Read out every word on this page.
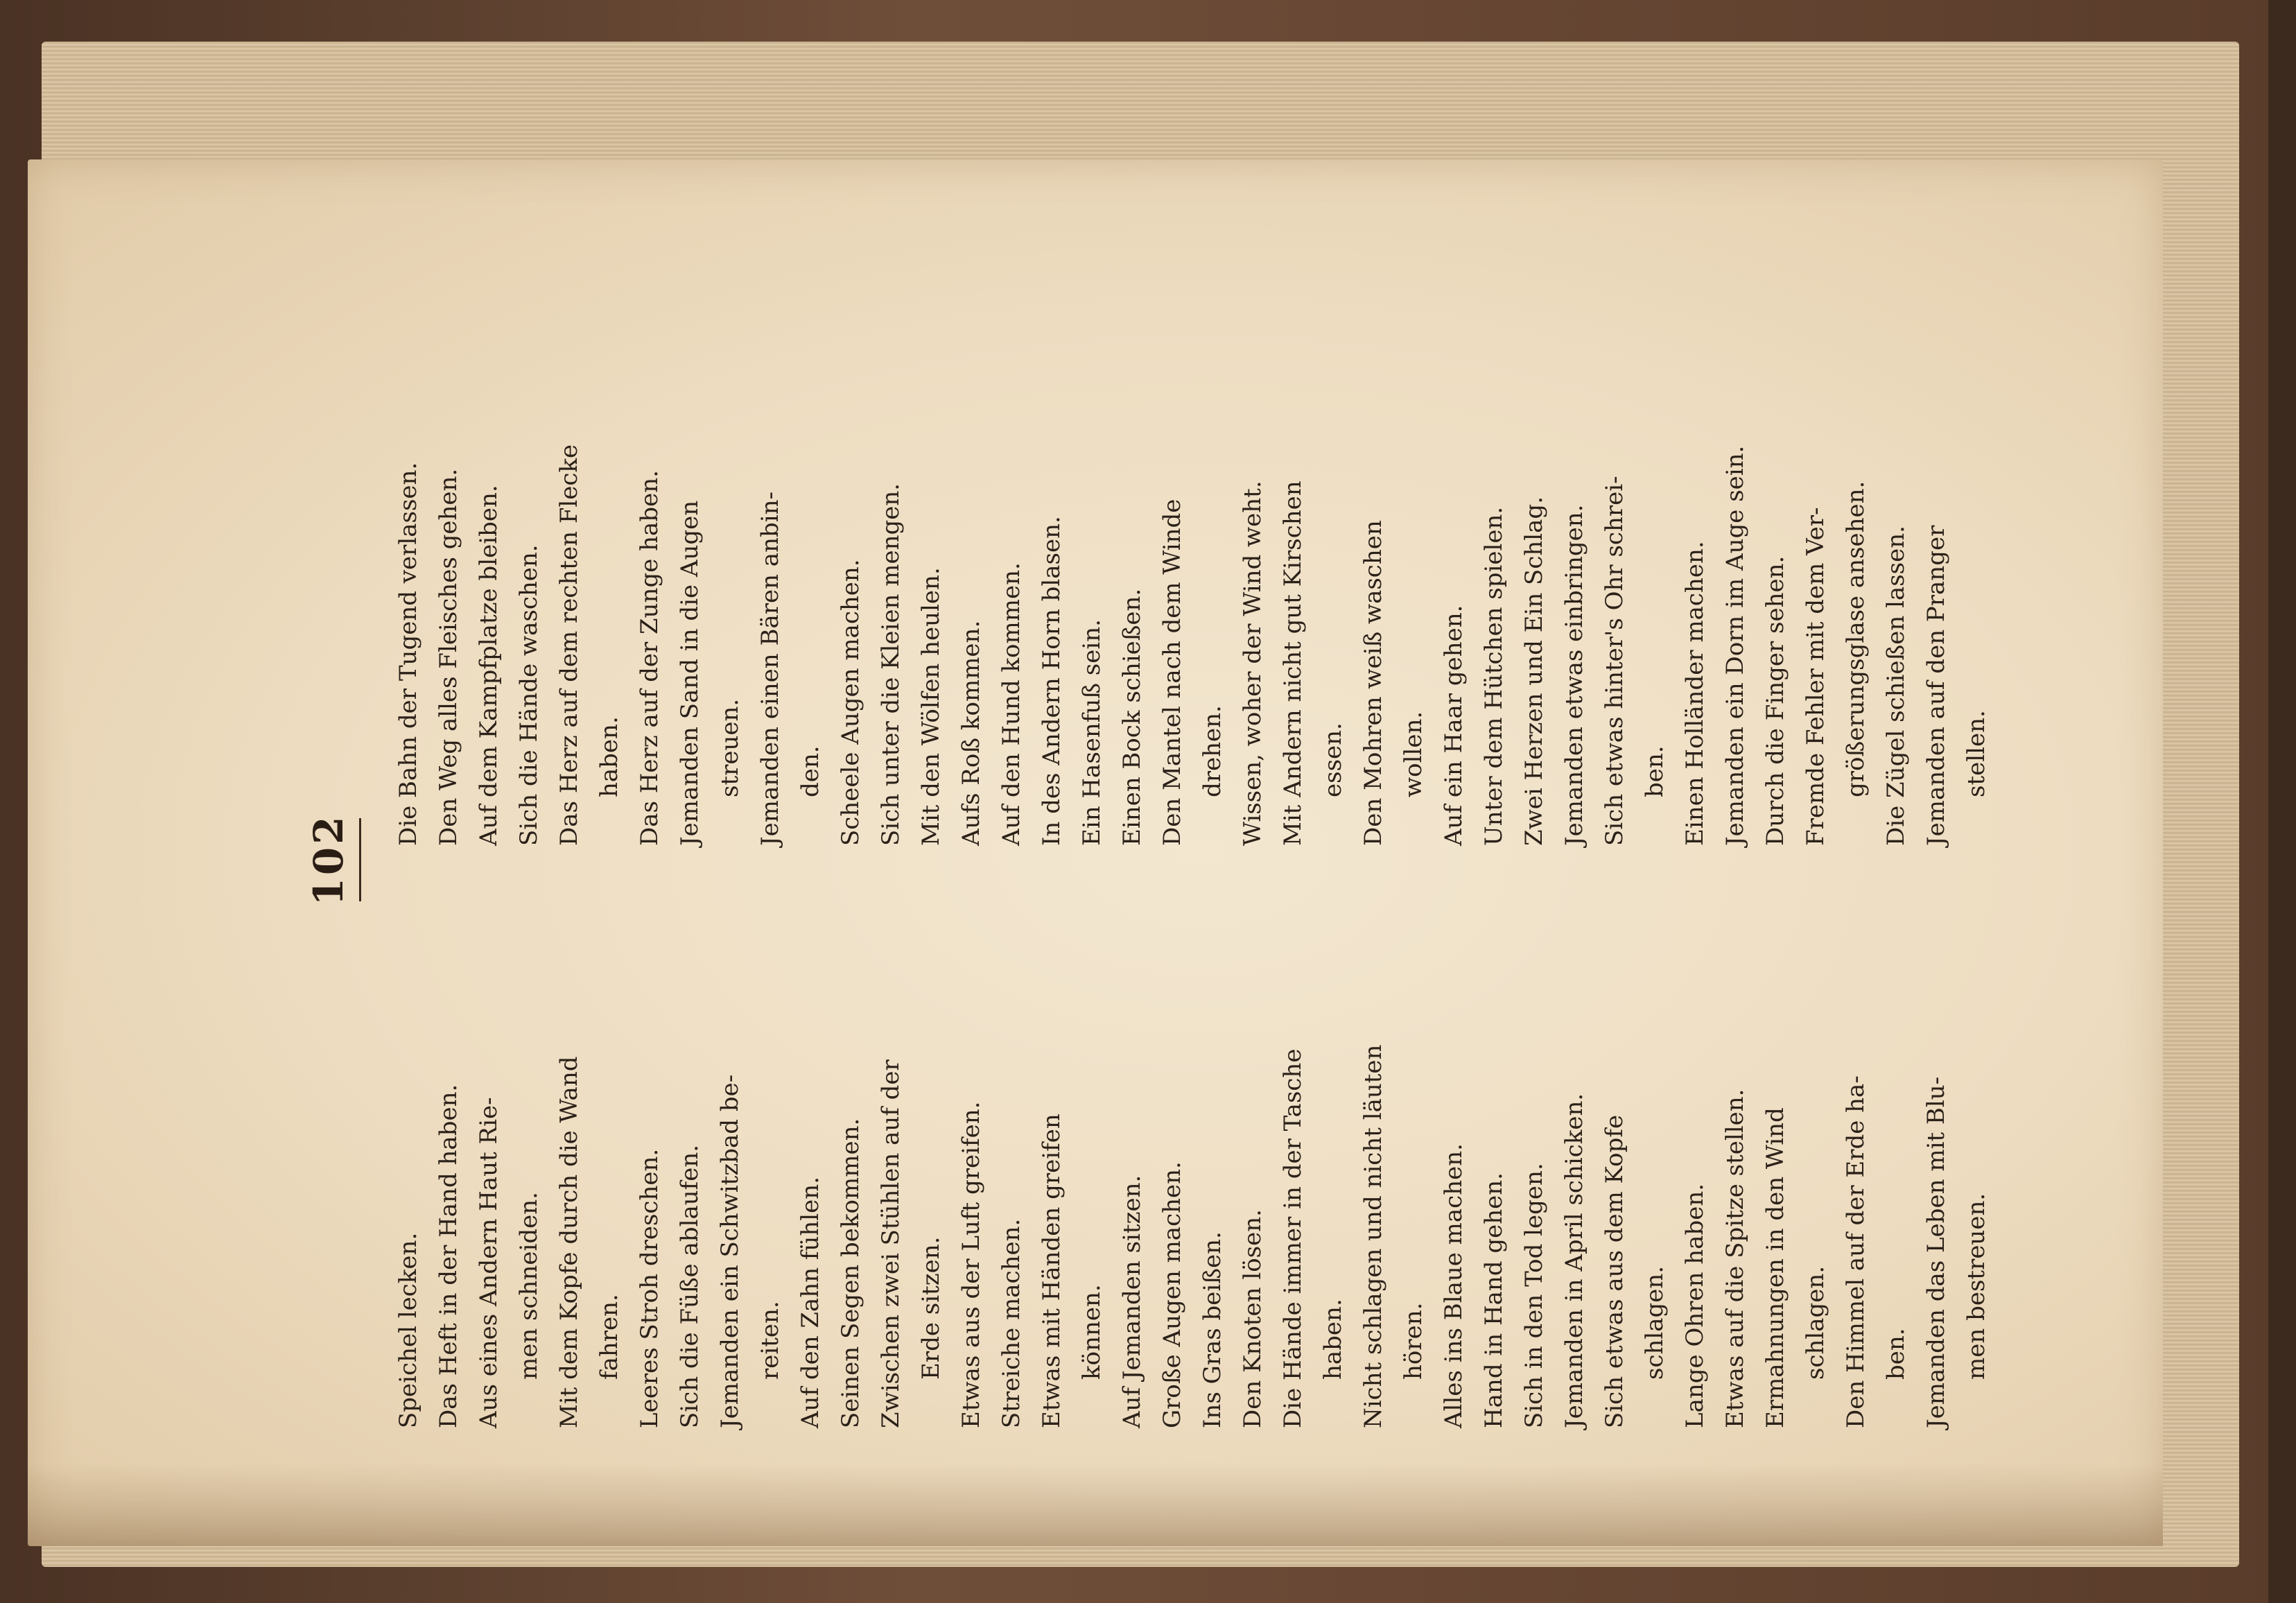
102

Speichel lecken. Das Heft in der Hand haben. Aus eines Andern Haut Rie- men schneiden. Mit dem Kopfe durch die Wand fahren. Leeres Stroh dreschen. Sich die Füße ablaufen. Jemanden ein Schwitzbad be- reiten. Auf den Zahn fühlen. Seinen Segen bekommen. Zwischen zwei Stühlen auf der Erde sitzen. Etwas aus der Luft greifen. Streiche machen. Etwas mit Händen greifen können. Auf Jemanden sitzen. Große Augen machen. Ins Gras beißen. Den Knoten lösen. Die Hände immer in der Tasche haben. Nicht schlagen und nicht läuten hören. Alles ins Blaue machen. Hand in Hand gehen. Sich in den Tod legen. Jemanden in April schicken. Sich etwas aus dem Kopfe schlagen. Lange Ohren haben. Etwas auf die Spitze stellen. Ermahnungen in den Wind schlagen. Den Himmel auf der Erde ha- ben. Jemanden das Leben mit Blu- men bestreuen.

Die Bahn der Tugend verlassen. Den Weg alles Fleisches gehen. Auf dem Kampfplatze bleiben. Sich die Hände waschen. Das Herz auf dem rechten Flecke haben. Das Herz auf der Zunge haben. Jemanden Sand in die Augen streuen. Jemanden einen Bären anbin- den. Scheele Augen machen. Sich unter die Kleien mengen. Mit den Wölfen heulen. Aufs Roß kommen. Auf den Hund kommen. In des Andern Horn blasen. Ein Hasenfuß sein. Einen Bock schießen. Den Mantel nach dem Winde drehen. Wissen, woher der Wind weht. Mit Andern nicht gut Kirschen essen. Den Mohren weiß waschen wollen. Auf ein Haar gehen. Unter dem Hütchen spielen. Zwei Herzen und Ein Schlag. Jemanden etwas einbringen. Sich etwas hinter's Ohr schrei- ben. Einen Holländer machen. Jemanden ein Dorn im Auge sein. Durch die Finger sehen. Fremde Fehler mit dem Ver- größerungsglase ansehen. Die Zügel schießen lassen. Jemanden auf den Pranger stellen.
